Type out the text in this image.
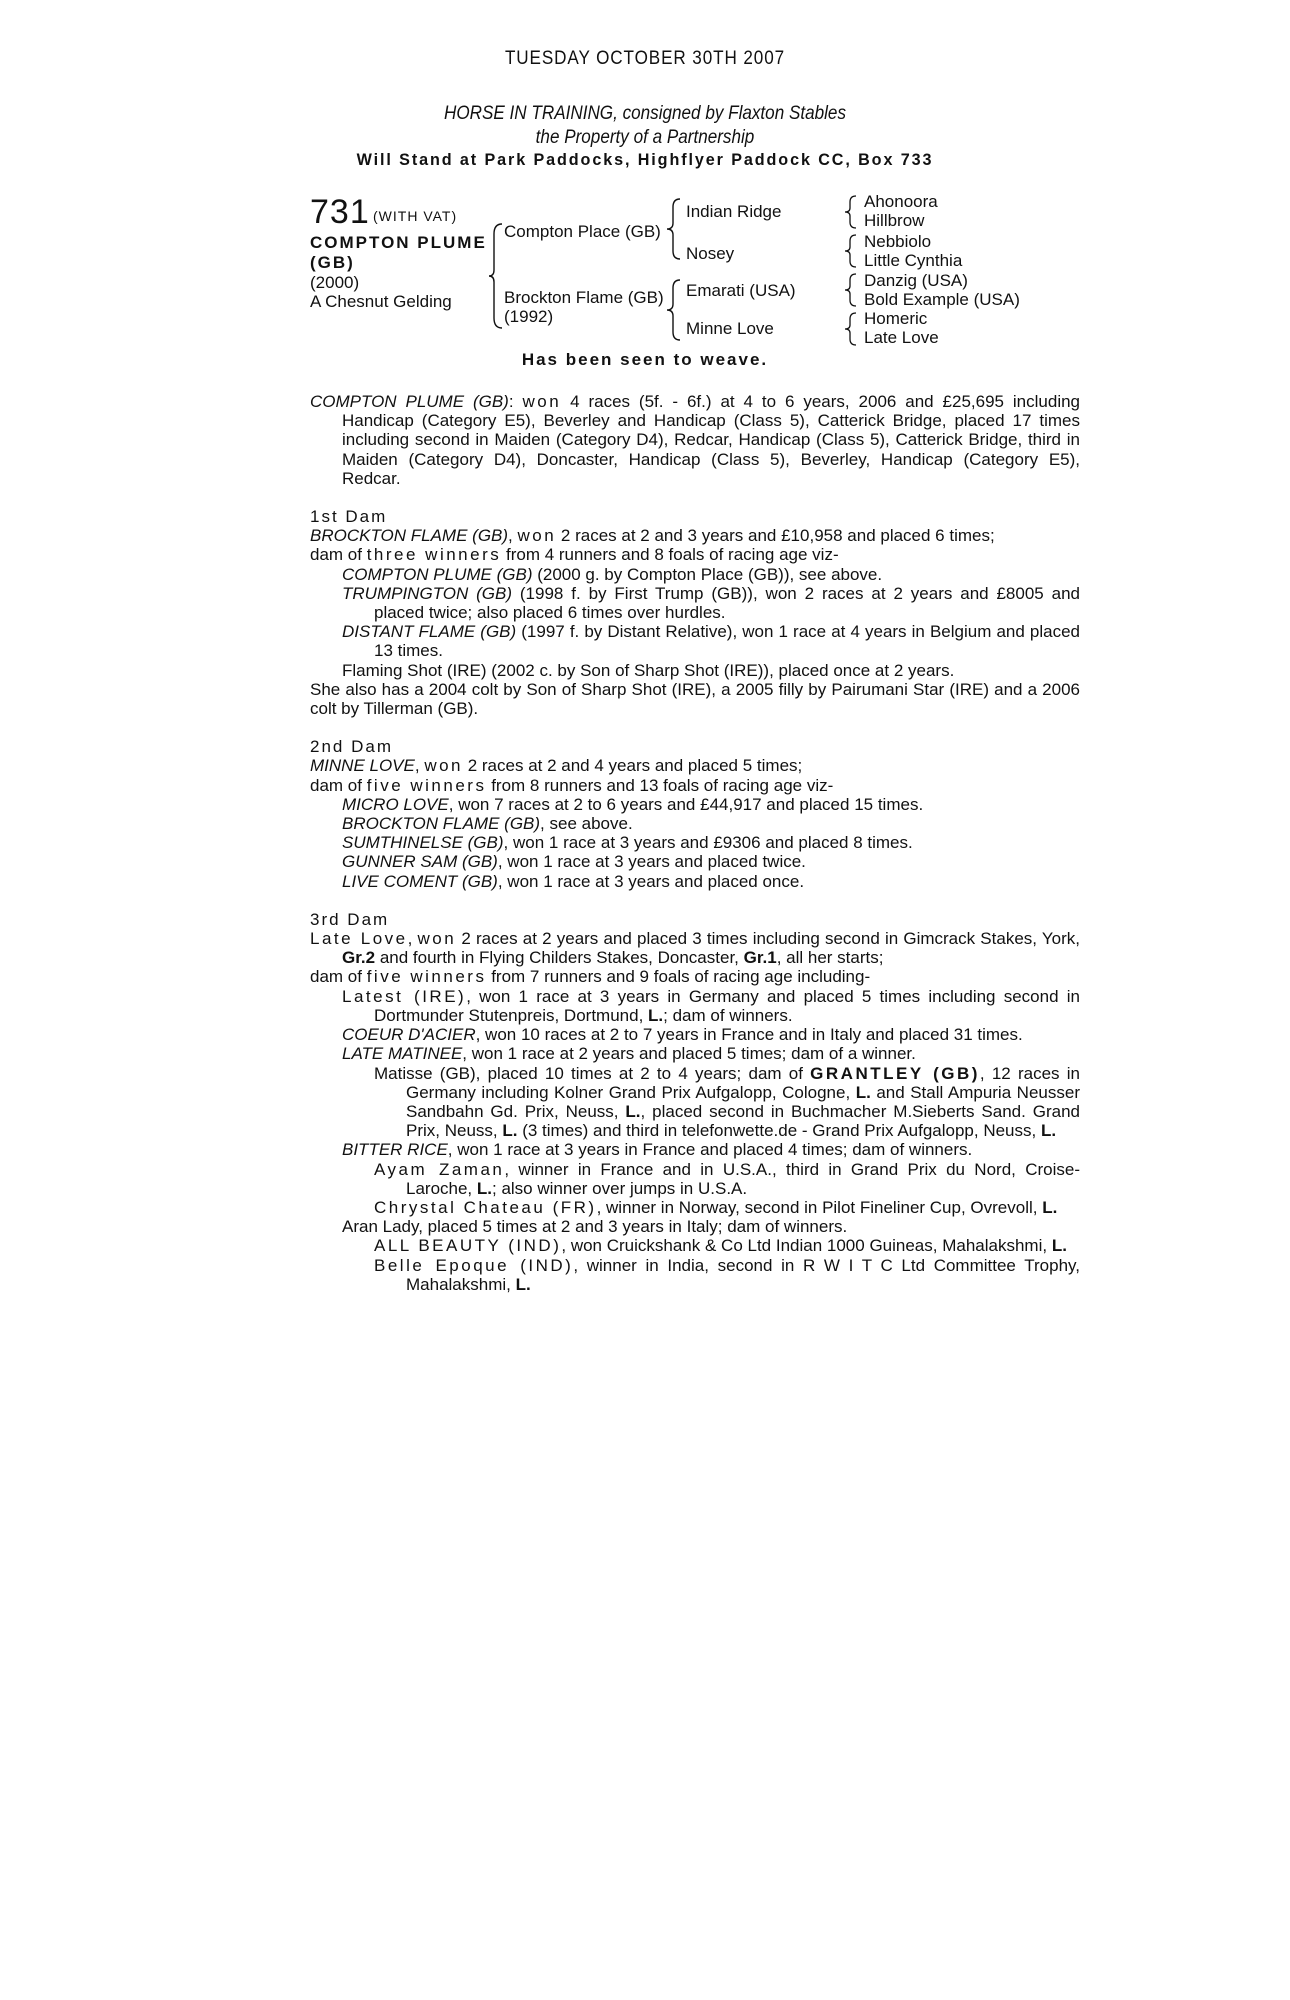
TUESDAY OCTOBER 30TH 2007
HORSE IN TRAINING, consigned by Flaxton Stables
the Property of a Partnership
Will Stand at Park Paddocks, Highflyer Paddock CC, Box 733
731 (WITH VAT)
COMPTON PLUME (GB)
(2000)
A Chesnut Gelding
Compton Place (GB)
Brockton Flame (GB)
(1992)
Indian Ridge
Nosey
Emarati (USA)
Minne Love
Ahonoora
Hillbrow
Nebbiolo
Little Cynthia
Danzig (USA)
Bold Example (USA)
Homeric
Late Love
Has been seen to weave.

COMPTON PLUME (GB): won 4 races (5f. - 6f.) at 4 to 6 years, 2006 and £25,695 including Handicap (Category E5), Beverley and Handicap (Class 5), Catterick Bridge, placed 17 times including second in Maiden (Category D4), Redcar, Handicap (Class 5), Catterick Bridge, third in Maiden (Category D4), Doncaster, Handicap (Class 5), Beverley, Handicap (Category E5), Redcar.

1st Dam

BROCKTON FLAME (GB), won 2 races at 2 and 3 years and £10,958 and placed 6 times;

dam of three winners from 4 runners and 8 foals of racing age viz-

COMPTON PLUME (GB) (2000 g. by Compton Place (GB)), see above.

TRUMPINGTON (GB) (1998 f. by First Trump (GB)), won 2 races at 2 years and £8005 and placed twice; also placed 6 times over hurdles.

DISTANT FLAME (GB) (1997 f. by Distant Relative), won 1 race at 4 years in Belgium and placed 13 times.

Flaming Shot (IRE) (2002 c. by Son of Sharp Shot (IRE)), placed once at 2 years.

She also has a 2004 colt by Son of Sharp Shot (IRE), a 2005 filly by Pairumani Star (IRE) and a 2006 colt by Tillerman (GB).

2nd Dam

MINNE LOVE, won 2 races at 2 and 4 years and placed 5 times;

dam of five winners from 8 runners and 13 foals of racing age viz-

MICRO LOVE, won 7 races at 2 to 6 years and £44,917 and placed 15 times.

BROCKTON FLAME (GB), see above.

SUMTHINELSE (GB), won 1 race at 3 years and £9306 and placed 8 times.

GUNNER SAM (GB), won 1 race at 3 years and placed twice.

LIVE COMENT (GB), won 1 race at 3 years and placed once.

3rd Dam

Late Love, won 2 races at 2 years and placed 3 times including second in Gimcrack Stakes, York, Gr.2 and fourth in Flying Childers Stakes, Doncaster, Gr.1, all her starts;

dam of five winners from 7 runners and 9 foals of racing age including-

Latest (IRE), won 1 race at 3 years in Germany and placed 5 times including second in Dortmunder Stutenpreis, Dortmund, L.; dam of winners.

COEUR D'ACIER, won 10 races at 2 to 7 years in France and in Italy and placed 31 times.

LATE MATINEE, won 1 race at 2 years and placed 5 times; dam of a winner.

Matisse (GB), placed 10 times at 2 to 4 years; dam of GRANTLEY (GB), 12 races in Germany including Kolner Grand Prix Aufgalopp, Cologne, L. and Stall Ampuria Neusser Sandbahn Gd. Prix, Neuss, L., placed second in Buchmacher M.Sieberts Sand. Grand Prix, Neuss, L. (3 times) and third in telefonwette.de - Grand Prix Aufgalopp, Neuss, L.

BITTER RICE, won 1 race at 3 years in France and placed 4 times; dam of winners.

Ayam Zaman, winner in France and in U.S.A., third in Grand Prix du Nord, Croise-Laroche, L.; also winner over jumps in U.S.A.

Chrystal Chateau (FR), winner in Norway, second in Pilot Fineliner Cup, Ovrevoll, L.

Aran Lady, placed 5 times at 2 and 3 years in Italy; dam of winners.

ALL BEAUTY (IND), won Cruickshank & Co Ltd Indian 1000 Guineas, Mahalakshmi, L.

Belle Epoque (IND), winner in India, second in R W I T C Ltd Committee Trophy, Mahalakshmi, L.
